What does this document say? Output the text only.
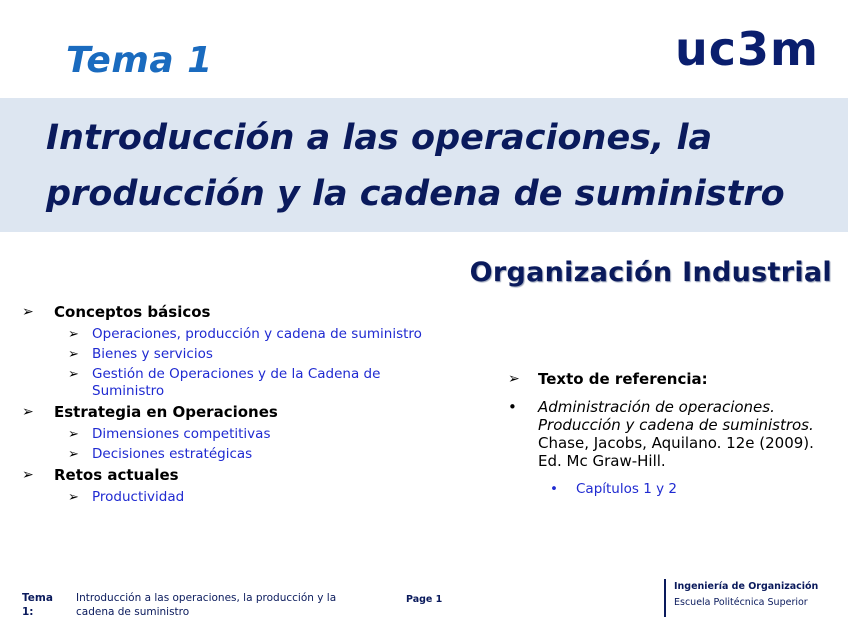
Tema 1	uc3m
Introducción a las operaciones, la
producción y la cadena de suministro
Organización Industrial
➢ Conceptos básicos
➢ Operaciones, producción y cadena de suministro
➢ Bienes y servicios
➢ Gestión de Operaciones y de la Cadena de Suministro
➢ Estrategia en Operaciones
➢ Dimensiones competitivas
➢ Decisiones estratégicas
➢ Retos actuales
➢ Productividad
➢ Texto de referencia:
• Administración de operaciones. Producción y cadena de suministros. Chase, Jacobs, Aquilano. 12e (2009). Ed. Mc Graw-Hill.
• Capítulos 1 y 2
Tema 1:
Introducción a las operaciones, la producción y la cadena de suministro
Page 1
Ingeniería de Organización
Escuela Politécnica Superior
